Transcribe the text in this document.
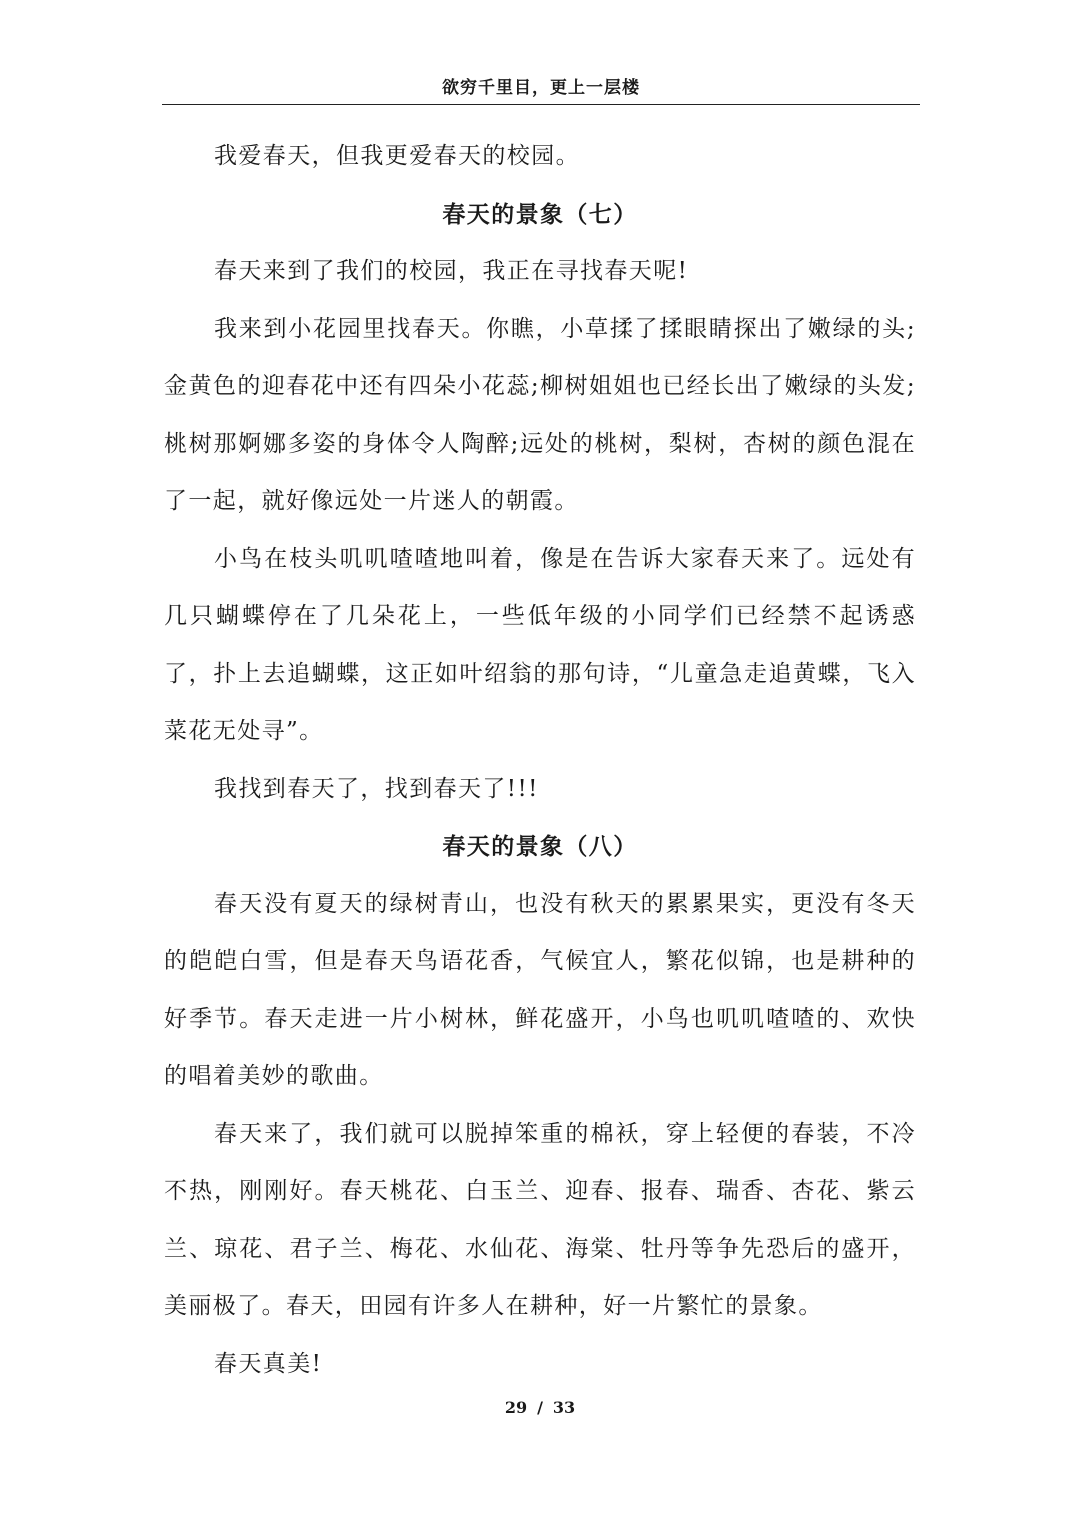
欲穷千里目，更上一层楼

我爱春天，但我更爱春天的校园。

春天的景象（七）

春天来到了我们的校园，我正在寻找春天呢!

我来到小花园里找春天。你瞧，小草揉了揉眼睛探出了嫩绿的头;金黄色的迎春花中还有四朵小花蕊;柳树姐姐也已经长出了嫩绿的头发;桃树那婀娜多姿的身体令人陶醉;远处的桃树，梨树，杏树的颜色混在了一起，就好像远处一片迷人的朝霞。

小鸟在枝头叽叽喳喳地叫着，像是在告诉大家春天来了。远处有几只蝴蝶停在了几朵花上，一些低年级的小同学们已经禁不起诱惑了，扑上去追蝴蝶，这正如叶绍翁的那句诗，“儿童急走追黄蝶，飞入菜花无处寻”。

我找到春天了，找到春天了!!!

春天的景象（八）

春天没有夏天的绿树青山，也没有秋天的累累果实，更没有冬天的皑皑白雪，但是春天鸟语花香，气候宜人，繁花似锦，也是耕种的好季节。春天走进一片小树林，鲜花盛开，小鸟也叽叽喳喳的、欢快的唱着美妙的歌曲。

春天来了，我们就可以脱掉笨重的棉袄，穿上轻便的春装，不冷不热，刚刚好。春天桃花、白玉兰、迎春、报春、瑞香、杏花、紫云兰、琼花、君子兰、梅花、水仙花、海棠、牡丹等争先恐后的盛开，美丽极了。春天，田园有许多人在耕种，好一片繁忙的景象。

春天真美!

29 / 33
